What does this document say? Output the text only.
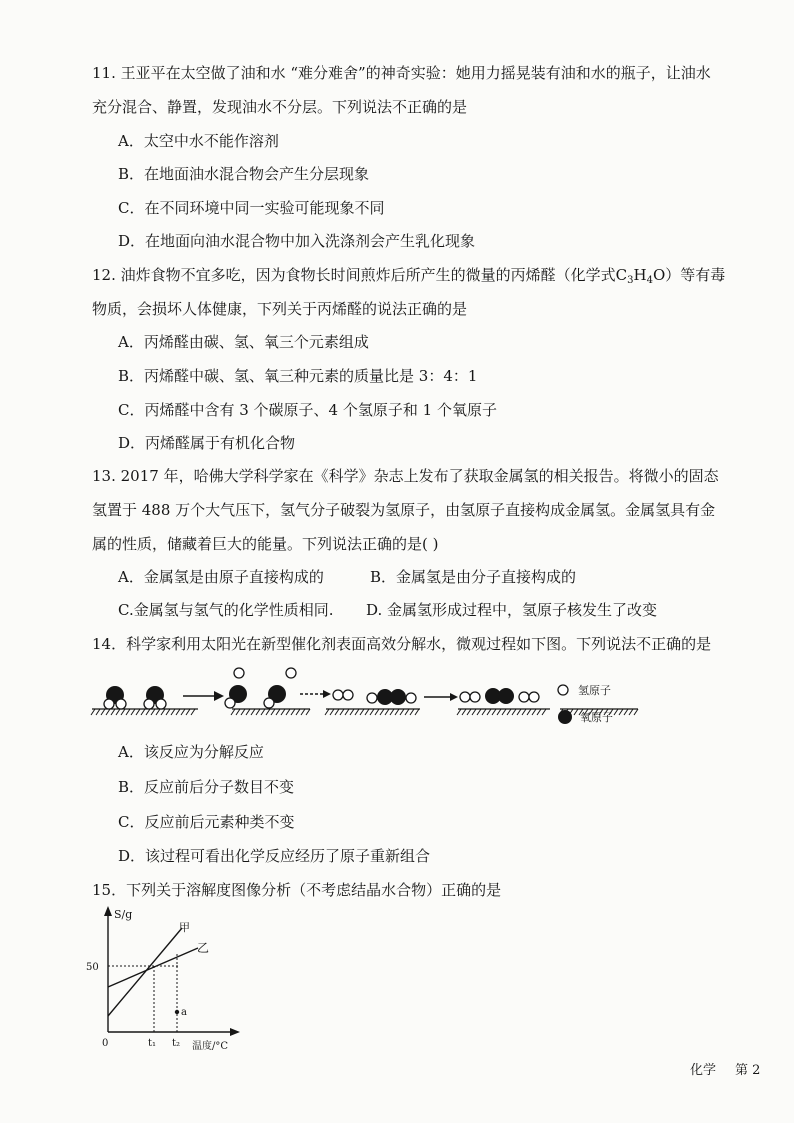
11. 王亚平在太空做了油和水 “难分难舍”的神奇实验：她用力摇晃装有油和水的瓶子，让油水
充分混合、静置，发现油水不分层。下列说法不正确的是
A．太空中水不能作溶剂
B．在地面油水混合物会产生分层现象
C．在不同环境中同一实验可能现象不同
D．在地面向油水混合物中加入洗涤剂会产生乳化现象
12. 油炸食物不宜多吃，因为食物长时间煎炸后所产生的微量的丙烯醛（化学式$C_3H_4O$）等有毒
物质，会损坏人体健康，下列关于丙烯醛的说法正确的是
A．丙烯醛由碳、氢、氧三个元素组成
B．丙烯醛中碳、氢、氧三种元素的质量比是 3：4：1
C．丙烯醛中含有 3 个碳原子、4 个氢原子和 1 个氧原子
D．丙烯醛属于有机化合物
13. 2017 年，哈佛大学科学家在《科学》杂志上发布了获取金属氢的相关报告。将微小的固态
氢置于 488 万个大气压下，氢气分子破裂为氢原子，由氢原子直接构成金属氢。金属氢具有金
属的性质，储藏着巨大的能量。下列说法正确的是( )
A．金属氢是由原子直接构成的	B．金属氢是由分子直接构成的
C.金属氢与氢气的化学性质相同. D. 金属氢形成过程中，氢原子核发生了改变
14．科学家利用太阳光在新型催化剂表面高效分解水，微观过程如下图。下列说法不正确的是
氢原子
氧原子
A．该反应为分解反应
B．反应前后分子数目不变
C．反应前后元素种类不变
D．该过程可看出化学反应经历了原子重新组合
15．下列关于溶解度图像分析（不考虑结晶水合物）正确的是
S/g
温度/°C
0
50
t₁ t₂
甲
乙
a
化学 第 2
